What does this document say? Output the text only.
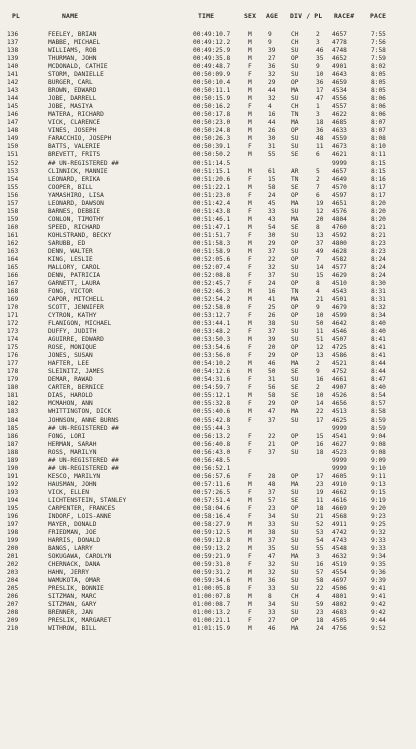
PL	NAME	TIME	SEX AGE DIV / PL RACE# PACE
136	FEELEY, BRIAN	00:49:10.7	M	9	CH	2 4657	7:55
137	MABBE, MICHAEL	00:49:12.2	M	9	CH	3 4778	7:56
138	WILLIAMS, ROB	00:49:25.9	M	39	SU	46 4748	7:58
139	THURMAN, JOHN	00:49:35.8	M	27	OP	35 4652	7:59
140	MCDONALD, CATHIE	00:49:48.7	F	36	SU	9 4901	8:02
141	STORM, DANIELLE	00:50:09.9	F	32	SU	10 4643	8:05
142	BURGER, CARL	00:50:10.4	M	29	OP	36 4659	8:05
143	BROWN, EDWARD	00:50:11.1	M	44	MA	17 4534	8:05
144	JOBE, DARRELL	00:50:15.9	M	32	SU	47 4556	8:06
145	JOBE, MASIYA	00:50:16.2	F	4	CH	1 4557	8:06
146	MATERA, RICHARD	00:50:17.8	M	16	TN	3 4622	8:06
147	VICK, CLARENCE	00:50:23.0	M	44	MA	18 4685	8:07
148	VINES, JOSEPH	00:50:24.8	M	26	OP	36 4633	8:07
149	FARACCHIO, JOSEPH	00:50:26.3	M	30	SU	48 4559	8:08
150	BATTS, VALERIE	00:50:39.1	F	31	SU	11 4673	8:10
151	BREVETT, FRITS	00:50:50.2	M	55	SE	6 4621	8:11
152	## UN-REGISTERED ##	00:51:14.5	9999	8:15
153	CLINNICK, MANNIE	00:51:15.1	M	61	AR	5 4657	8:15
154	LEONARD, ERIKA	00:51:20.6	F	15	TN	2 4649	8:16
155	COOPER, BILL	00:51:22.1	M	58	SE	7 4570	8:17
156	YAMASHIRO, LISA	00:51:23.0	F	24	OP	6 4597	8:17
157	LEONARD, DAWSON	00:51:42.4	M	45	MA	19 4651	8:20
158	BARNES, DEBBIE	00:51:43.8	F	33	SU	12 4576	8:20
159	CONLON, TIMOTHY	00:51:46.1	M	43	MA	20 4804	8:20
160	SPEED, RICHARD	00:51:47.1	M	54	SE	8 4760	8:21
161	KOHLSTRAND, BECKY	00:51:51.7	F	30	SU	13 4592	8:21
162	SARUBB, ED	00:51:58.3	M	29	OP	37 4800	8:23
163	DENN, WALTER	00:51:58.9	M	37	SU	49 4628	8:23
164	KING, LESLIE	00:52:05.6	F	22	OP	7 4582	8:24
165	MALLORY, CAROL	00:52:07.4	F	32	SU	14 4577	8:24
166	DENN, PATRICIA	00:52:08.8	F	37	SU	15 4629	8:24
167	GARNETT, LAURA	00:52:45.7	F	24	OP	8 4510	8:30
168	FONG, VICTOR	00:52:46.3	M	16	TN	4 4543	8:31
169	CAPOR, MITCHELL	00:52:54.2	M	41	MA	21 4501	8:31
170	SCOTT, JENNIFER	00:52:58.0	F	25	OP	9 4679	8:32
171	CYTRON, KATHY	00:53:12.7	F	26	OP	10 4599	8:34
172	FLANIGON, MICHAEL	00:53:44.1	M	38	SU	50 4642	8:40
173	DUFFY, JUDITH	00:53:48.2	F	37	SU	11 4546	8:40
174	AGUIRRE, EDWARD	00:53:50.3	M	39	SU	51 4507	8:41
175	ROSE, MONIQUE	00:53:54.6	F	20	OP	12 4725	8:41
176	JONES, SUSAN	00:53:56.0	F	29	OP	13 4586	8:41
177	HAFTER, LEE	00:54:10.2	M	46	MA	2 4521	8:44
178	SLEINITZ, JAMES	00:54:12.6	M	50	SE	9 4752	8:44
179	DEMAR, RAWAD	00:54:31.6	F	31	SU	16 4661	8:47
180	CARTER, BERNICE	00:54:59.7	F	56	SE	2 4907	8:40
181	DIAS, HAROLD	00:55:12.1	M	58	SE	10 4526	8:54
182	MCMAHON, ANN	00:55:32.8	F	29	OP	14 4656	8:57
183	WHITTINGTON, DICK	00:55:40.6	M	47	MA	22 4513	8:58
184	JOHNSON, ANNE BURNS	00:55:42.8	F	37	SU	17 4625	8:59
185	## UN-REGISTERED ##	00:55:44.3	9999	8:59
186	FONG, LORI	00:56:13.2	F	22	OP	15 4541	9:04
187	HERMAN, SARAH	00:56:40.8	F	21	OP	16 4627	9:08
188	ROSS, MARILYN	00:56:43.0	F	37	SU	18 4523	9:08
189	## UN-REGISTERED ##	00:56:48.5	9999	9:09
190	## UN-REGISTERED ##	00:56:52.1	9999	9:10
191	KESCO, MARILYN	00:56:57.6	F	28	OP	17 4605	9:11
192	HAUSMAN, JOHN	00:57:11.6	M	48	MA	23 4910	9:13
193	VICK, ELLEN	00:57:26.5	F	37	SU	19 4662	9:15
194	LICHTENSTEIN, STANLEY	00:57:51.4	M	57	SE	11 4616	9:19
195	CARPENTER, FRANCES	00:58:04.6	F	23	OP	18 4669	9:20
196	INDORF, LOIS-ANNE	00:58:16.4	F	34	SU	21 4568	9:23
197	MAYER, DONALD	00:58:27.9	M	33	SU	52 4911	9:25
198	FRIEDMAN, JOE	00:59:12.5	M	38	SU	53 4742	9:32
199	HARRIS, DONALD	00:59:12.8	M	37	SU	54 4743	9:33
200	BANGS, LARRY	00:59:13.2	M	35	SU	55 4548	9:33
201	SOKUGAWA, CAROLYN	00:59:21.9	F	47	MA	3 4632	9:34
202	CHERNACK, DANA	00:59:31.0	F	32	SU	16 4519	9:35
203	HAHN, JERRY	00:59:31.2	M	32	SU	57 4554	9:36
204	WAMUKOTA, OMAR	00:59:34.6	M	36	SU	58 4697	9:39
205	PRESLIK, BONNIE	01:00:05.8	F	33	SU	22 4506	9:41
206	SITZMAN, MARC	01:00:07.8	M	8	CH	4 4801	9:41
207	SITZMAN, GARY	01:00:08.7	M	34	SU	59 4802	9:42
208	BRENNER, JAN	01:00:13.2	F	33	SU	23 4683	9:42
209	PRESLIK, MARGARET	01:00:21.1	F	27	OP	18 4505	9:44
210	WITHROW, BILL	01:01:15.9	M	46	MA	24 4756	9:52
